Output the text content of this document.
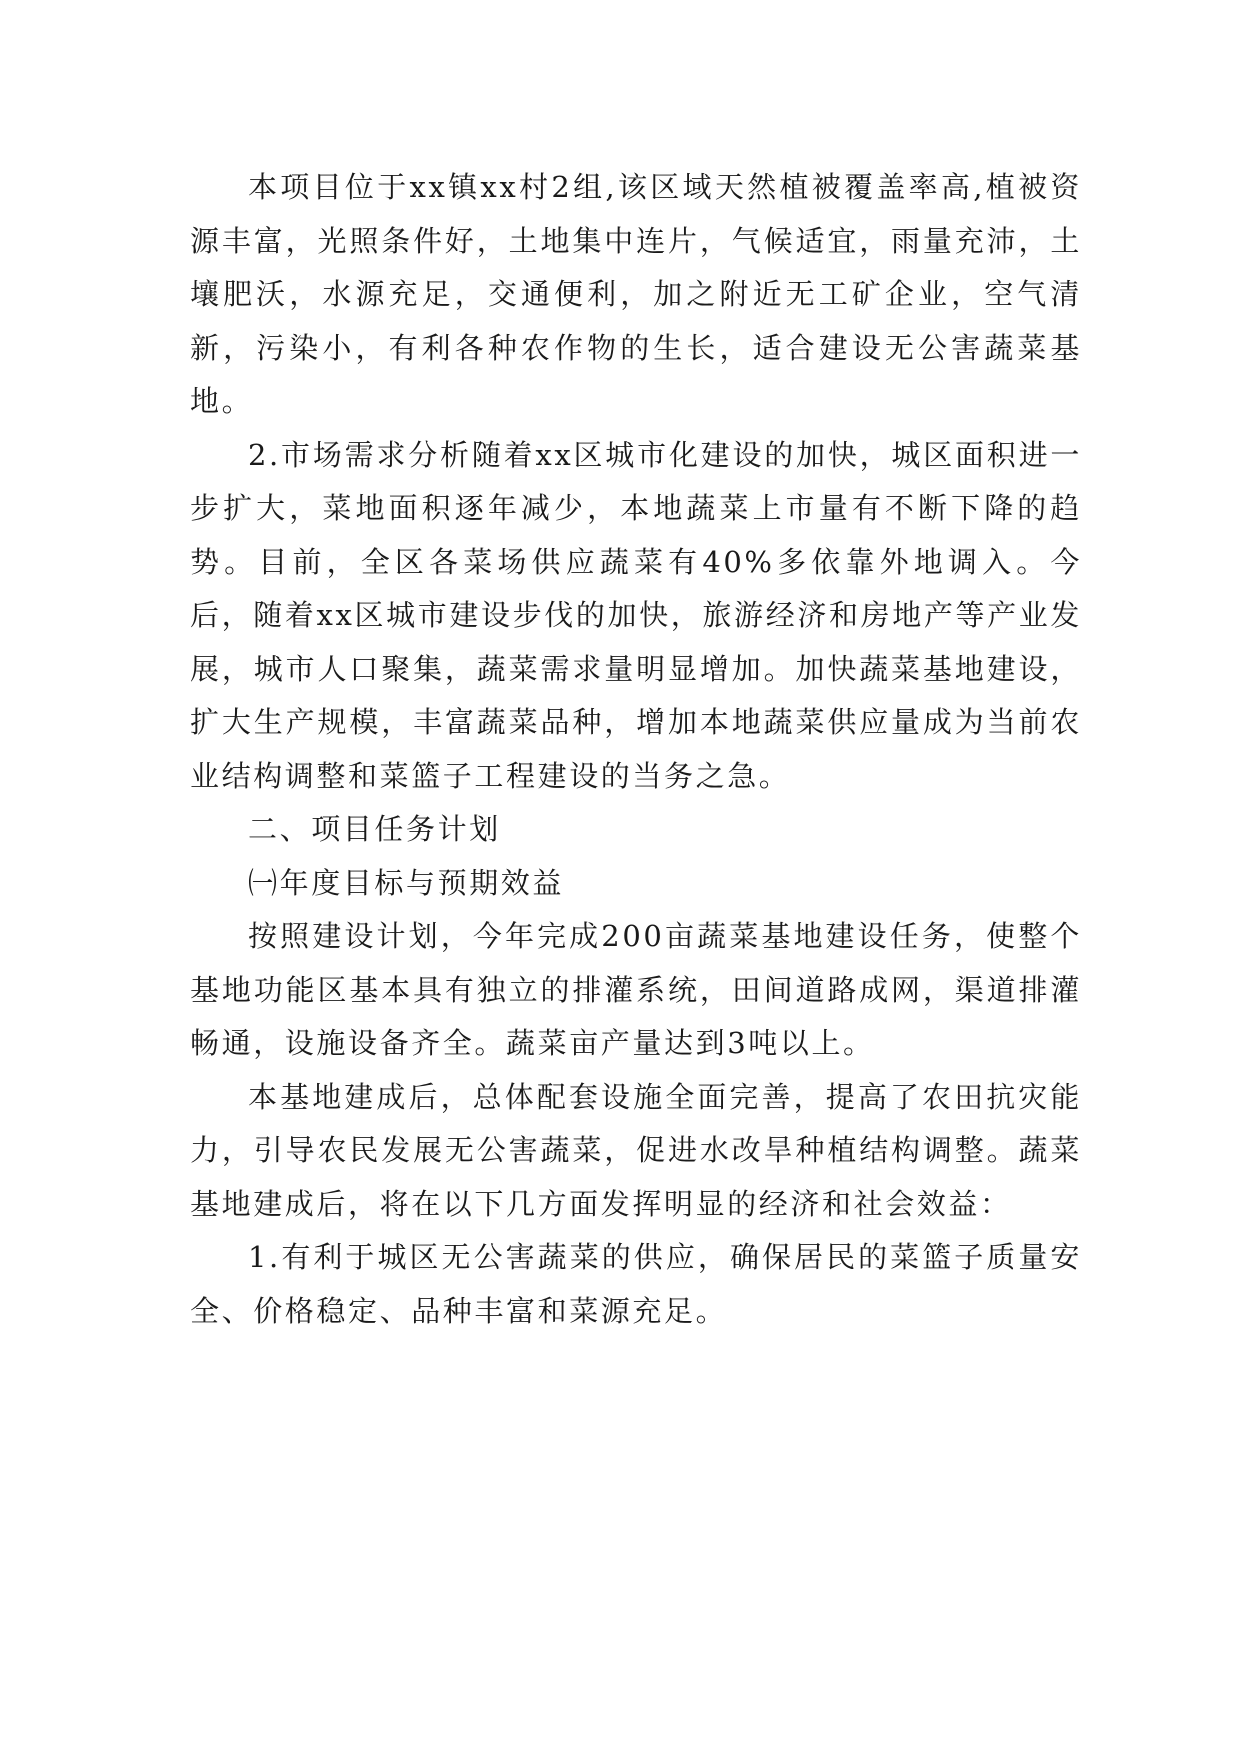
本项目位于xx镇xx村2组,该区域天然植被覆盖率高,植被资源丰富，光照条件好，土地集中连片，气候适宜，雨量充沛，土壤肥沃，水源充足，交通便利，加之附近无工矿企业，空气清新，污染小，有利各种农作物的生长，适合建设无公害蔬菜基地。

2.市场需求分析随着xx区城市化建设的加快，城区面积进一步扩大，菜地面积逐年减少，本地蔬菜上市量有不断下降的趋势。目前，全区各菜场供应蔬菜有40%多依靠外地调入。今后，随着xx区城市建设步伐的加快，旅游经济和房地产等产业发展，城市人口聚集，蔬菜需求量明显增加。加快蔬菜基地建设，扩大生产规模，丰富蔬菜品种，增加本地蔬菜供应量成为当前农业结构调整和菜篮子工程建设的当务之急。

二、项目任务计划

㈠年度目标与预期效益

按照建设计划，今年完成200亩蔬菜基地建设任务，使整个基地功能区基本具有独立的排灌系统，田间道路成网，渠道排灌畅通，设施设备齐全。蔬菜亩产量达到3吨以上。

本基地建成后，总体配套设施全面完善，提高了农田抗灾能力，引导农民发展无公害蔬菜，促进水改旱种植结构调整。蔬菜基地建成后，将在以下几方面发挥明显的经济和社会效益：

1.有利于城区无公害蔬菜的供应，确保居民的菜篮子质量安全、价格稳定、品种丰富和菜源充足。
